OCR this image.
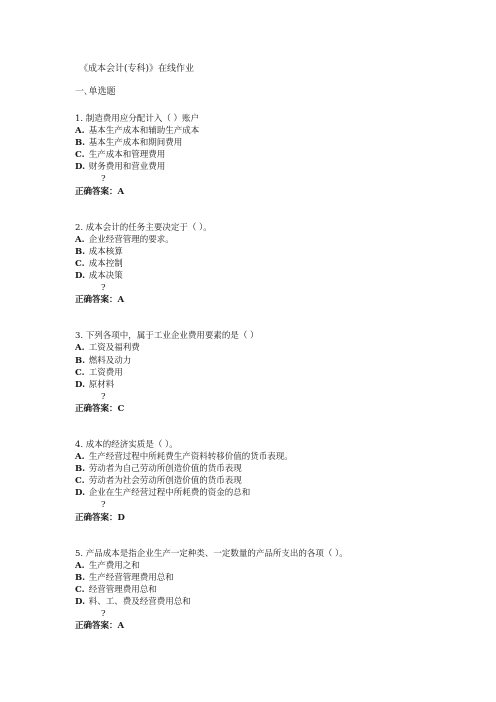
《成本会计(专科)》在线作业
一､单选题
1. 制造费用应分配计入（ ）账户
A. 基本生产成本和辅助生产成本
B. 基本生产成本和期间费用
C. 生产成本和管理费用
D. 财务费用和营业费用
?
正确答案：A
2. 成本会计的任务主要决定于（ ）。
A. 企业经营管理的要求。
B. 成本核算
C. 成本控制
D. 成本决策
?
正确答案：A
3. 下列各项中，属于工业企业费用要素的是（ ）
A. 工资及福利费
B. 燃料及动力
C. 工资费用
D. 原材料
?
正确答案：C
4. 成本的经济实质是（ ）。
A. 生产经营过程中所耗费生产资料转移价值的货币表现。
B. 劳动者为自己劳动所创造价值的货币表现
C. 劳动者为社会劳动所创造价值的货币表现
D. 企业在生产经营过程中所耗费的资金的总和
?
正确答案：D
5. 产品成本是指企业生产一定种类、一定数量的产品所支出的各项（ ）。
A. 生产费用之和
B. 生产经营管理费用总和
C. 经营管理费用总和
D. 料、工、费及经营费用总和
?
正确答案：A
